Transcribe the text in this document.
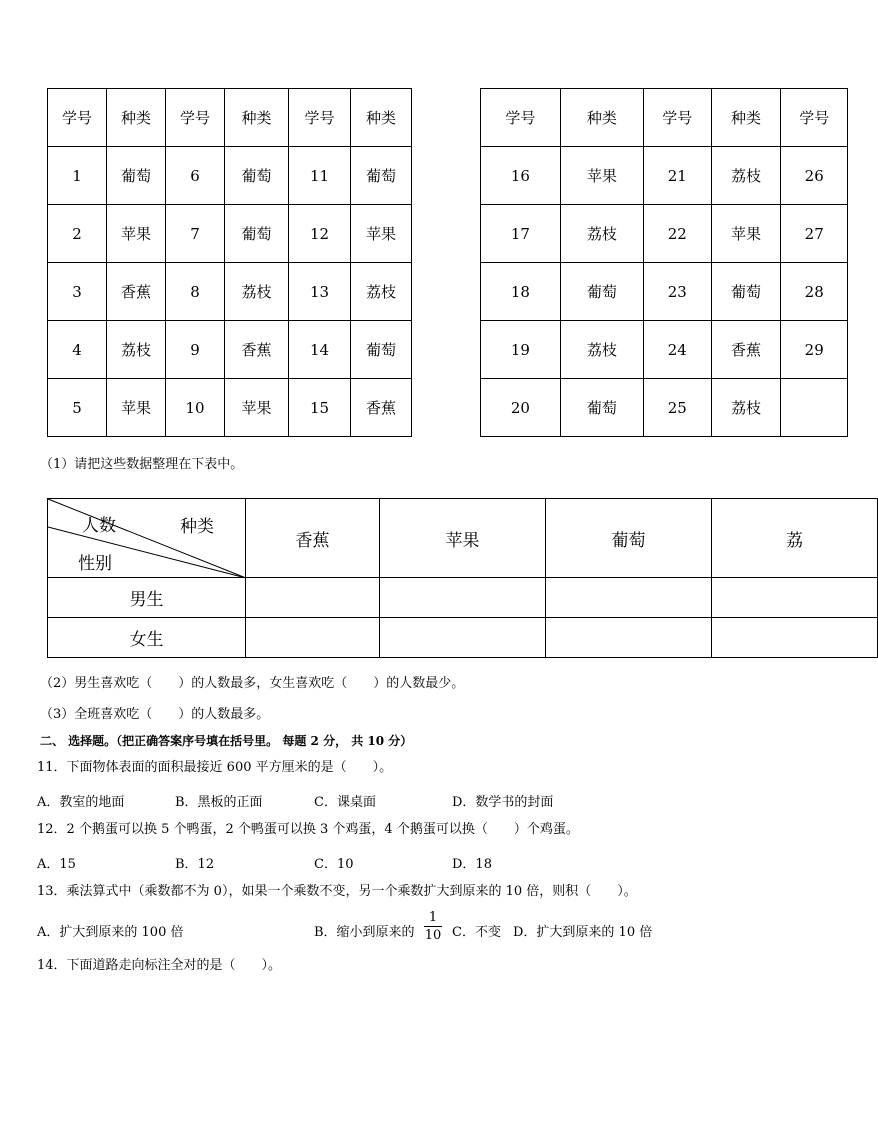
学号	种类	学号	种类	学号	种类
1	葡萄	6	葡萄	11	葡萄
2	苹果	7	葡萄	12	苹果
3	香蕉	8	荔枝	13	荔枝
4	荔枝	9	香蕉	14	葡萄
5	苹果	10	苹果	15	香蕉
学号	种类	学号	种类	学号
16	苹果	21	荔枝	26
17	荔枝	22	苹果	27
18	葡萄	23	葡萄	28
19	荔枝	24	香蕉	29
20	葡萄	25	荔枝	
（1）请把这些数据整理在下表中。
人数 种类
性别	香蕉	苹果	葡萄	荔
男生				
女生				
（2）男生喜欢吃（　　）的人数最多，女生喜欢吃（　　）的人数最少。
（3）全班喜欢吃（　　）的人数最多。
二、 选择题。（把正确答案序号填在括号里。 每题 2 分， 共 10 分）
11．下面物体表面的面积最接近 600 平方厘米的是（　　）。
A．教室的地面	B．黑板的正面	C．课桌面	D．数学书的封面
12．2 个鹅蛋可以换 5 个鸭蛋，2 个鸭蛋可以换 3 个鸡蛋，4 个鹅蛋可以换（　　）个鸡蛋。
A．15	B．12	C．10	D．18
13．乘法算式中（乘数都不为 0），如果一个乘数不变，另一个乘数扩大到原来的 10 倍，则积（　　）。
A．扩大到原来的 100 倍	B．缩小到原来的
1
10 C．不变 D．扩大到原来的 10 倍
14．下面道路走向标注全对的是（　　）。
